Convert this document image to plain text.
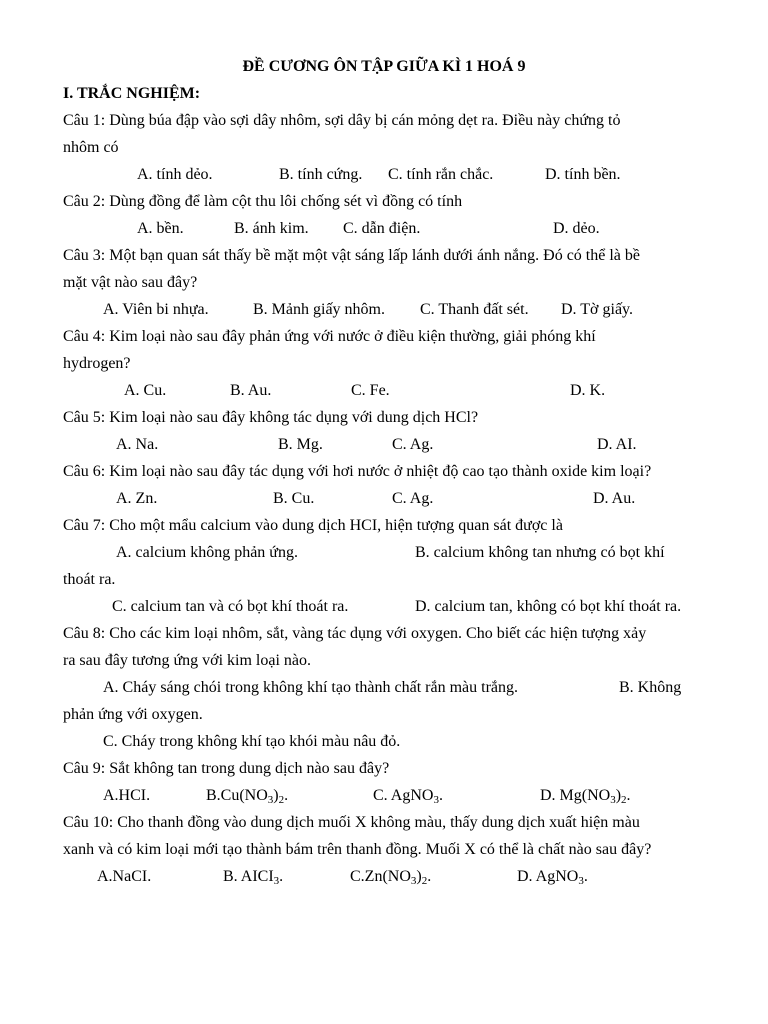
ĐỀ CƯƠNG ÔN TẬP GIỮA KÌ 1 HOÁ 9
I. TRẮC NGHIỆM:
Câu 1: Dùng búa đập vào sợi dây nhôm, sợi dây bị cán mỏng dẹt ra. Điều này chứng tỏ
nhôm có
A. tính dẻo.	B. tính cứng. C. tính rắn chắc.	D. tính bền.
Câu 2: Dùng đồng để làm cột thu lôi chống sét vì đồng có tính
A. bền.	B. ánh kim. C. dẫn điện.	D. dẻo.
Câu 3: Một bạn quan sát thấy bề mặt một vật sáng lấp lánh dưới ánh nắng. Đó có thể là bề
mặt vật nào sau đây?
A. Viên bi nhựa.	B. Mảnh giấy nhôm. C. Thanh đất sét. D. Tờ giấy.
Câu 4: Kim loại nào sau đây phản ứng với nước ở điều kiện thường, giải phóng khí
hydrogen?
A. Cu.	B. Au.	C. Fe.	D. K.
Câu 5: Kim loại nào sau đây không tác dụng với dung dịch HCl?
A. Na.	B. Mg.	C. Ag.	D. AI.
Câu 6: Kim loại nào sau đây tác dụng với hơi nước ở nhiệt độ cao tạo thành oxide kim loại?
A. Zn.	B. Cu.	C. Ag.	D. Au.
Câu 7: Cho một mẩu calcium vào dung dịch HCI, hiện tượng quan sát được là
A. calcium không phản ứng.	B. calcium không tan nhưng có bọt khí
thoát ra.
C. calcium tan và có bọt khí thoát ra.	D. calcium tan, không có bọt khí thoát ra.
Câu 8: Cho các kim loại nhôm, sắt, vàng tác dụng với oxygen. Cho biết các hiện tượng xảy
ra sau đây tương ứng với kim loại nào.
A. Cháy sáng chói trong không khí tạo thành chất rắn màu trắng.	B. Không
phản ứng với oxygen.
C. Cháy trong không khí tạo khói màu nâu đỏ.
Câu 9: Sắt không tan trong dung dịch nào sau đây?
A.HCI.	$B.Cu(NO_3)_2$.	C. AgNO$_3$.	D. $Mg(NO_3)_2$.
Câu 10: Cho thanh đồng vào dung dịch muối X không màu, thấy dung dịch xuất hiện màu
xanh và có kim loại mới tạo thành bám trên thanh đồng. Muối X có thể là chất nào sau đây?
A.NaCI.	B. $AICI_3$.	$C.Zn(NO_3)_2$.	D. AgNO$_3$.
